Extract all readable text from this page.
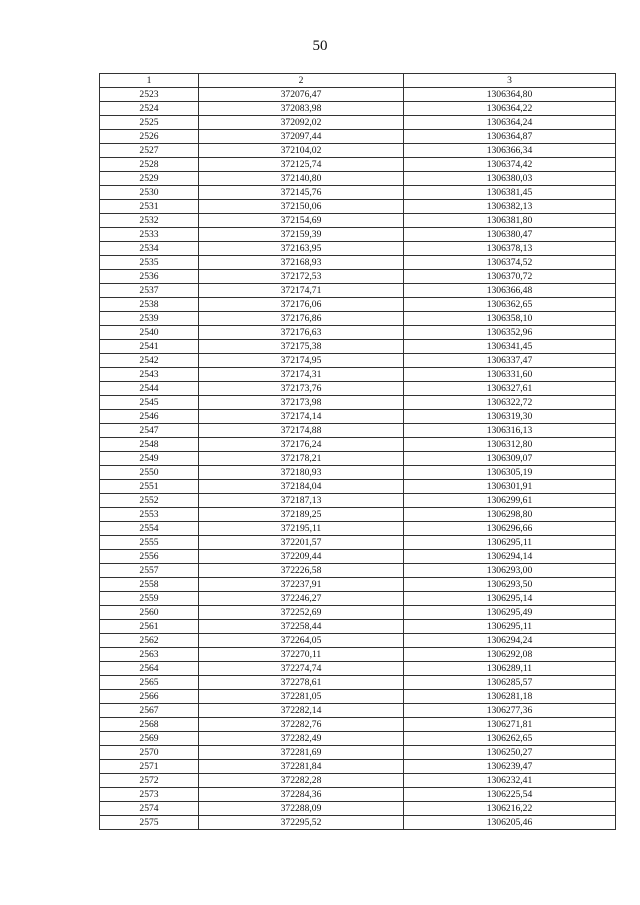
50
1	2	3
2523	372076,47	1306364,80
2524	372083,98	1306364,22
2525	372092,02	1306364,24
2526	372097,44	1306364,87
2527	372104,02	1306366,34
2528	372125,74	1306374,42
2529	372140,80	1306380,03
2530	372145,76	1306381,45
2531	372150,06	1306382,13
2532	372154,69	1306381,80
2533	372159,39	1306380,47
2534	372163,95	1306378,13
2535	372168,93	1306374,52
2536	372172,53	1306370,72
2537	372174,71	1306366,48
2538	372176,06	1306362,65
2539	372176,86	1306358,10
2540	372176,63	1306352,96
2541	372175,38	1306341,45
2542	372174,95	1306337,47
2543	372174,31	1306331,60
2544	372173,76	1306327,61
2545	372173,98	1306322,72
2546	372174,14	1306319,30
2547	372174,88	1306316,13
2548	372176,24	1306312,80
2549	372178,21	1306309,07
2550	372180,93	1306305,19
2551	372184,04	1306301,91
2552	372187,13	1306299,61
2553	372189,25	1306298,80
2554	372195,11	1306296,66
2555	372201,57	1306295,11
2556	372209,44	1306294,14
2557	372226,58	1306293,00
2558	372237,91	1306293,50
2559	372246,27	1306295,14
2560	372252,69	1306295,49
2561	372258,44	1306295,11
2562	372264,05	1306294,24
2563	372270,11	1306292,08
2564	372274,74	1306289,11
2565	372278,61	1306285,57
2566	372281,05	1306281,18
2567	372282,14	1306277,36
2568	372282,76	1306271,81
2569	372282,49	1306262,65
2570	372281,69	1306250,27
2571	372281,84	1306239,47
2572	372282,28	1306232,41
2573	372284,36	1306225,54
2574	372288,09	1306216,22
2575	372295,52	1306205,46
